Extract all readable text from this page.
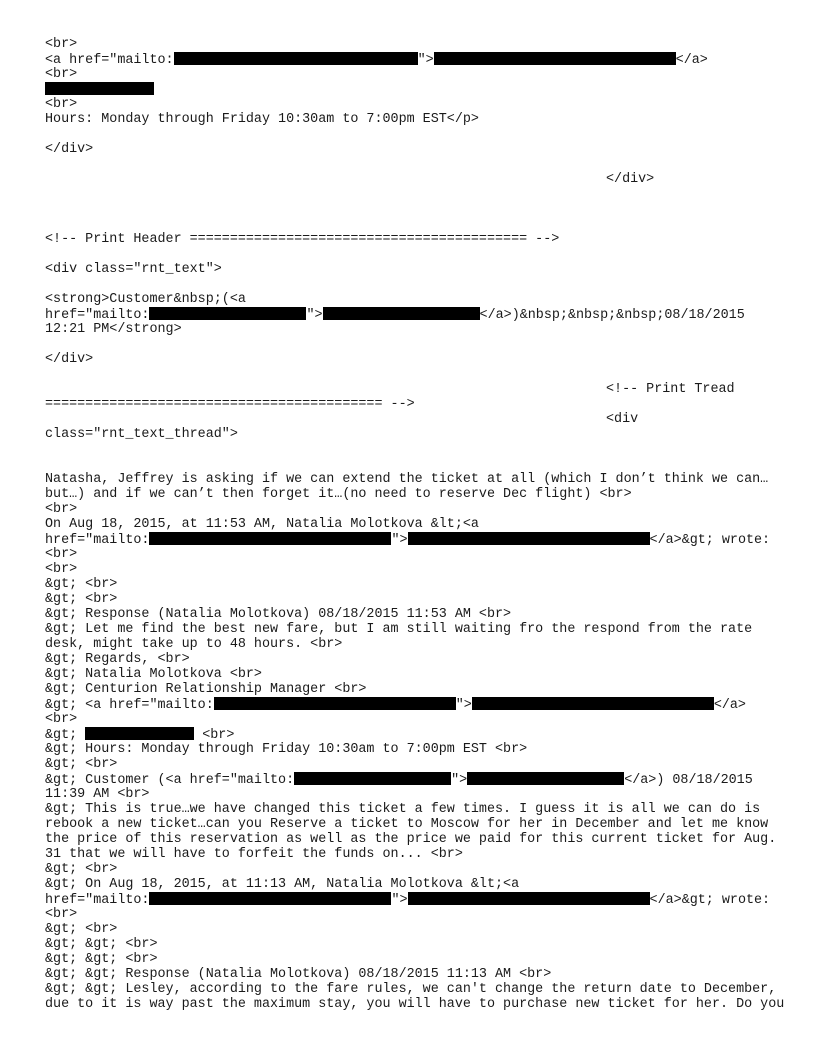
<br>
<a href="mailto:	">	</a>
<br>
<br>
Hours: Monday through Friday 10:30am to 7:00pm EST</p>
</div>
</div>
<!-- Print Header ========================================== -->
<div class="rnt_text">
<strong>Customer&nbsp;(<a
href="mailto:	">	</a>)&nbsp;&nbsp;&nbsp;08/18/2015
12:21 PM</strong>
</div>
<!-- Print Tread
========================================== -->
<div
class="rnt_text_thread">
Natasha, Jeffrey is asking if we can extend the ticket at all (which I don’t think we can…
but…) and if we can’t then forget it…(no need to reserve Dec flight) <br>
<br>
On Aug 18, 2015, at 11:53 AM, Natalia Molotkova &lt;<a
href="mailto:	">	</a>&gt; wrote:
<br>
<br>
&gt; <br>
&gt; <br>
&gt; Response (Natalia Molotkova) 08/18/2015 11:53 AM <br>
&gt; Let me find the best new fare, but I am still waiting fro the respond from the rate
desk, might take up to 48 hours. <br>
&gt; Regards, <br>
&gt; Natalia Molotkova <br>
&gt; Centurion Relationship Manager <br>
&gt; <a href="mailto:	">	</a>
<br>
&gt;	<br>
&gt; Hours: Monday through Friday 10:30am to 7:00pm EST <br>
&gt; <br>
&gt; Customer (<a href="mailto:	">	</a>) 08/18/2015
11:39 AM <br>
&gt; This is true…we have changed this ticket a few times. I guess it is all we can do is
rebook a new ticket…can you Reserve a ticket to Moscow for her in December and let me know
the price of this reservation as well as the price we paid for this current ticket for Aug.
31 that we will have to forfeit the funds on... <br>
&gt; <br>
&gt; On Aug 18, 2015, at 11:13 AM, Natalia Molotkova &lt;<a
href="mailto:	">	</a>&gt; wrote:
<br>
&gt; <br>
&gt; &gt; <br>
&gt; &gt; <br>
&gt; &gt; Response (Natalia Molotkova) 08/18/2015 11:13 AM <br>
&gt; &gt; Lesley, according to the fare rules, we can't change the return date to December,
due to it is way past the maximum stay, you will have to purchase new ticket for her. Do you
